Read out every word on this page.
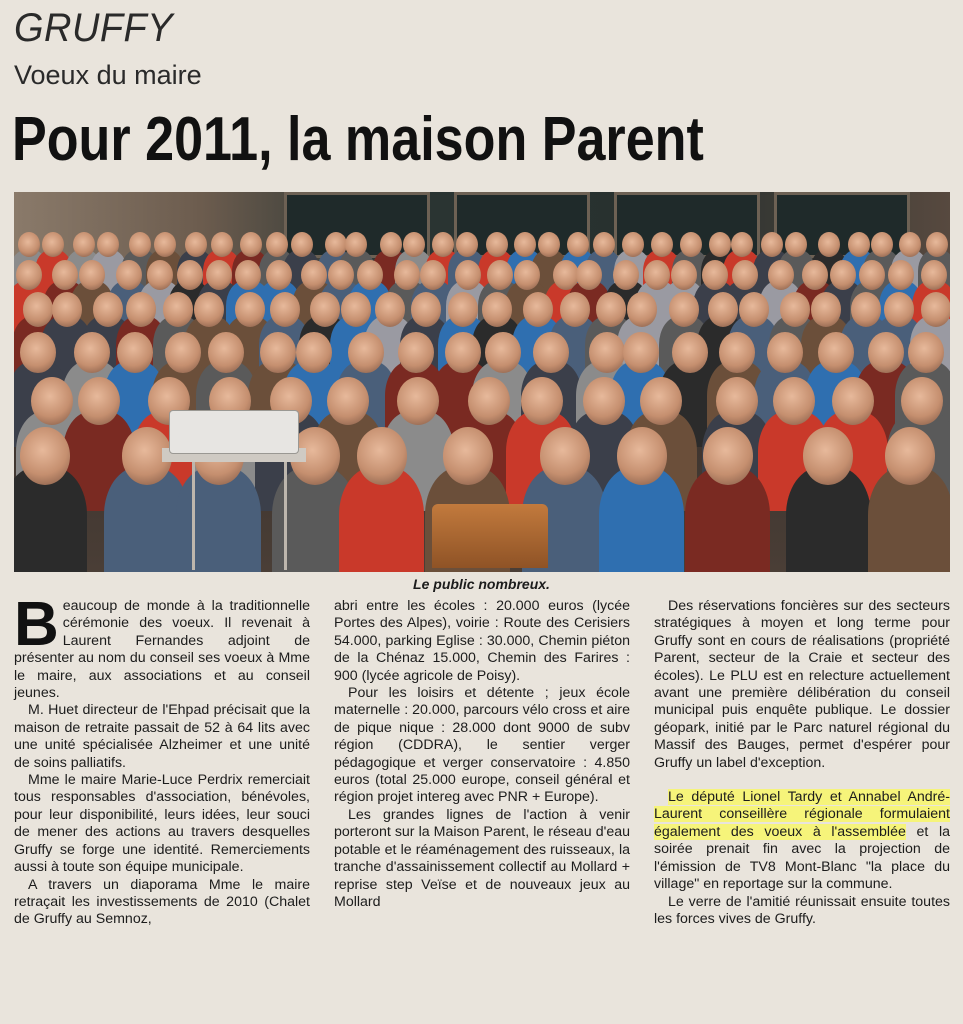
GRUFFY
Voeux du maire
Pour 2011, la maison Parent
Le public nombreux.

Beaucoup de monde à la traditionnelle cérémonie des voeux. Il revenait à Laurent Fernandes adjoint de présenter au nom du conseil ses voeux à Mme le maire, aux associations et au conseil jeunes.

M. Huet directeur de l'Ehpad précisait que la maison de retraite passait de 52 à 64 lits avec une unité spécialisée Alzheimer et une unité de soins palliatifs.

Mme le maire Marie-Luce Perdrix remerciait tous responsables d'association, bénévoles, pour leur disponibilité, leurs idées, leur souci de mener des actions au travers desquelles Gruffy se forge une identité. Remerciements aussi à toute son équipe municipale.

A travers un diaporama Mme le maire retraçait les investissements de 2010 (Chalet de Gruffy au Semnoz,

abri entre les écoles : 20.000 euros (lycée Portes des Alpes), voirie : Route des Cerisiers 54.000, parking Eglise : 30.000, Chemin piéton de la Chénaz 15.000, Chemin des Farires : 900 (lycée agricole de Poisy).

Pour les loisirs et détente ; jeux école maternelle : 20.000, parcours vélo cross et aire de pique nique : 28.000 dont 9000 de subv région (CDDRA), le sentier verger pédagogique et verger conservatoire : 4.850 euros (total 25.000 europe, conseil général et région projet intereg avec PNR + Europe).

Les grandes lignes de l'action à venir porteront sur la Maison Parent, le réseau d'eau potable et le réaménagement des ruisseaux, la tranche d'assainissement collectif au Mollard + reprise step Veïse et de nouveaux jeux au Mollard

Des réservations foncières sur des secteurs stratégiques à moyen et long terme pour Gruffy sont en cours de réalisations (propriété Parent, secteur de la Craie et secteur des écoles). Le PLU est en relecture actuellement avant une première délibération du conseil municipal puis enquête publique. Le dossier géopark, initié par le Parc naturel régional du Massif des Bauges, permet d'espérer pour Gruffy un label d'exception.

Le député Lionel Tardy et Annabel André-Laurent conseillère régionale formulaient également des voeux à l'assemblée et la soirée prenait fin avec la projection de l'émission de TV8 Mont-Blanc "la place du village" en reportage sur la commune.

Le verre de l'amitié réunissait ensuite toutes les forces vives de Gruffy.
